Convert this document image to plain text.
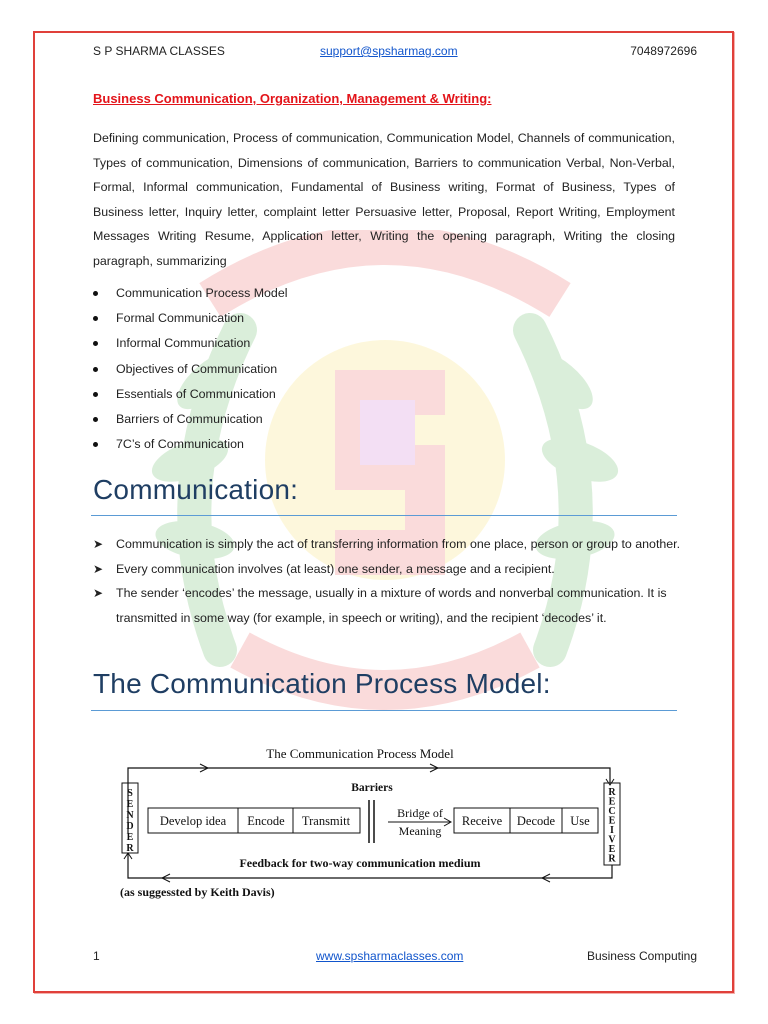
S P SHARMA CLASSES	support@spsharmag.com	7048972696
Business Communication, Organization, Management & Writing:
Defining communication, Process of communication, Communication Model, Channels of communication, Types of communication, Dimensions of communication, Barriers to communication Verbal, Non-Verbal, Formal, Informal communication, Fundamental of Business writing, Format of Business, Types of Business letter, Inquiry letter, complaint letter Persuasive letter, Proposal, Report Writing, Employment Messages Writing Resume, Application letter, Writing the opening paragraph, Writing the closing paragraph, summarizing
Communication Process Model
Formal Communication
Informal Communication
Objectives of Communication
Essentials of Communication
Barriers of Communication
7C’s of Communication
Communication:
➤ Communication is simply the act of transferring information from one place, person or group to another.
➤ Every communication involves (at least) one sender, a message and a recipient.
➤ The sender ‘encodes’ the message, usually in a mixture of words and nonverbal communication. It is transmitted in some way (for example, in speech or writing), and the recipient ‘decodes’ it.
The Communication Process Model:
The Communication Process Model
S E N D E R
R E C E I V E R
Barriers
Develop idea Encode Transmitt
Bridge of
Meaning
Receive Decode Use
Feedback for two-way communication medium
(as suggessted by Keith Davis)
1	www.spsharmaclasses.com	Business Computing
